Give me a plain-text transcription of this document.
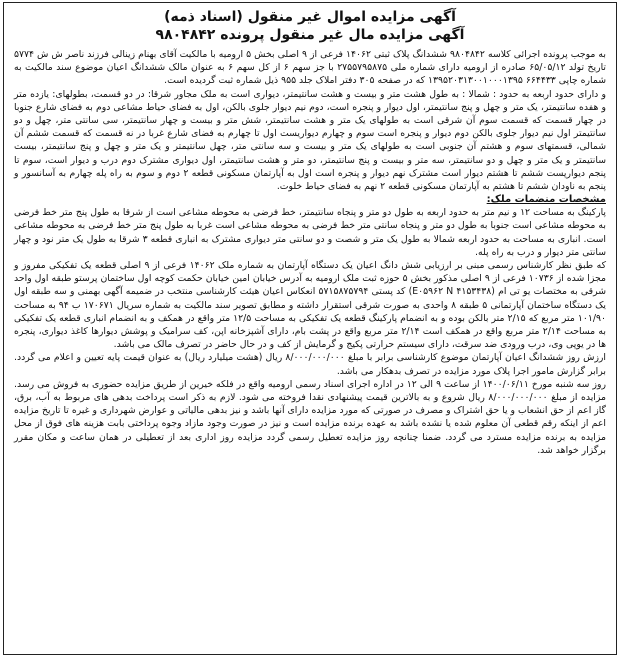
آگهی مزایده اموال غیر منقول (اسناد ذمه)
آگهی مزایده مال غیر منقول پرونده ۹۸۰۴۸۴۲

به موجب پرونده اجرائی کلاسه ۹۸۰۴۸۴۲ ششدانگ پلاک ثبتی ۱۴۰۶۲ فرعی از ۹ اصلی بخش ۵ ارومیه با مالکیت آقای بهنام زینالی فرزند ناصر ش ش ۵۷۷۴ تاریخ تولد ۶۵/۰۵/۱۲ صادره از ارومیه دارای شماره ملی ۲۷۵۵۷۹۵۸۷۵ با جز سهم ۶ از کل سهم ۶ به عنوان مالک ششدانگ اعیان موضوع سند مالکیت به شماره چاپی ۶۶۴۴۳۳ ۱۳۹۵۲۰۳۱۳۰۰۱۰۰۰۱۳۹۵ که در صفحه ۳۰۵ دفتر املاک جلد ۹۵۵ ذیل شماره ثبت گردیده است.

و دارای حدود اربعه به حدود : شمالا : به طول هشت متر و بیست و هشت سانتیمتر، دیواری است به ملک مجاور شرقا: در دو قسمت، بطولهای: یازده متر و هفده سانتیمتر، یک متر و چهل و پنج سانتیمتر، اول دیوار و پنجره است، دوم نیم دیوار جلوی بالکن، اول به فضای حیاط مشاعی دوم به فضای شارع جنوبا در چهار قسمت که قسمت سوم آن شرقی است به طولهای یک متر و هشت سانتیمتر، شش متر و بیست و چهار سانتیمتر، سی سانتی متر، چهل و دو سانتیمتر اول نیم دیوار جلوی بالکن دوم دیوار و پنجره است سوم و چهارم دیواریست اول تا چهارم به فضای شارع غربا در نه قسمت که قسمت ششم آن شمالی، قسمتهای سوم و هشتم آن جنوبی است به طولهای یک متر و بیست و سه سانتی متر، چهل سانتیمتر و یک متر و چهل و پنج سانتیمتر، بیست سانتیمتر و یک متر و چهل و دو سانتیمتر، سه متر و بیست و پنج سانتیمتر، دو متر و هشت سانتیمتر، اول دیواری مشترک دوم درب و دیوار است، سوم تا پنجم دیوارپست ششم تا هشتم دیوار است مشترک نهم دیوار و پنجره است اول به آپارتمان مسکونی قطعه ۲ دوم و سوم به راه پله چهارم به آسانسور و پنجم به ناودان ششم تا هشتم به آپارتمان مسکونی قطعه ۲ نهم به فضای حیاط خلوت.

مشخصات منضمات ملک:

پارکینگ به مساحت ۱۲ و نیم متر به حدود اربعه به طول دو متر و پنجاه سانتیمتر، خط فرضی به محوطه مشاعی است از شرقا به طول پنج متر خط فرضی به محوطه مشاعی است جنوبا به طول دو متر و پنجاه سانتی متر خط فرضی به محوطه مشاعی است غربا به طول پنج متر خط فرضی به محوطه مشاعی است. انباری به مساحت به حدود اربعه شمالا به طول یک متر و شصت و دو سانتی متر دیواری مشترک به انباری قطعه ۳ شرقا به طول یک متر نود و چهار سانتی متر دیوار و درب به راه پله.

که طبق نظر کارشناس رسمی مبنی بر ارزیابی شش دانگ اعیان یک دستگاه آپارتمان به شماره ملک ۱۴۰۶۲ فرعی از ۹ اصلی قطعه یک تفکیکی مفروز و مجزا شده از ۱۰۷۳۶ فرعی از ۹ اصلی مذکور بخش ۵ حوزه ثبت ملک ارومیه به آدرس خیابان امین خیابان حکمت کوچه اول ساختمان پرستو طبقه اول واحد شرقی به مختصات یو تی ام (E۰۵۹۶۲ N ۴۱۵۳۴۳۸) کد پستی ۵۷۱۵۸۷۵۷۹۴ انعکاس اعیان هیئت کارشناسی منتخب در ضمیمه آگهی بهمنی و سه طبقه اول یک دستگاه ساختمان آپارتمانی ۵ طبقه ۸ واحدی به صورت شرقی استقرار داشته و مطابق تصویر سند مالکیت به شماره سریال ۱۷۰۶۷۱ ب ۹۴ به مساحت ۱۰۱/۹۰ متر مربع که ۲/۱۵ متر بالکن بوده و به انضمام پارکینگ قطعه یک تفکیکی به مساحت ۱۲/۵ متر واقع در همکف و به انضمام انباری قطعه یک تفکیکی به مساحت ۲/۱۴ متر مربع واقع در همکف است ۲/۱۴ متر مربع واقع در پشت بام، دارای آشپزخانه اپن، کف سرامیک و پوشش دیوارها کاغذ دیواری، پنجره ها در یوپی وی، درب ورودی ضد سرقت، دارای سیستم حرارتی پکیج و گرمایش از کف و در حال حاضر در تصرف مالک می باشد.

ارزش روز ششدانگ اعیان آپارتمان موضوع کارشناسی برابر با مبلغ ۸/۰۰۰/۰۰۰/۰۰۰ ریال (هشت میلیارد ریال) به عنوان قیمت پایه تعیین و اعلام می گردد. برابر گزارش مامور اجرا پلاک مورد مزایده در تصرف بدهکار می باشد.

روز سه شنبه مورخ ۱۴۰۰/۰۶/۱۱ از ساعت ۹ الی ۱۲ در اداره اجرای اسناد رسمی ارومیه واقع در فلکه خیرین از طریق مزایده حضوری به فروش می رسد. مزایده از مبلغ ۸/۰۰۰/۰۰۰/۰۰۰ ریال شروع و به بالاترین قیمت پیشنهادی نقدا فروخته می شود. لازم به ذکر است پرداخت بدهی های مربوط به آب، برق، گاز اعم از حق انشعاب و یا حق اشتراک و مصرف در صورتی که مورد مزایده دارای آنها باشد و نیز بدهی مالیاتی و عوارض شهرداری و غیره تا تاریخ مزایده اعم از اینکه رقم قطعی آن معلوم شده یا نشده باشد به عهده برنده مزایده است و نیز در صورت وجود مازاد وجوه پرداختی بابت هزینه های فوق از محل مزایده به برنده مزایده مسترد می گردد. ضمنا چنانچه روز مزایده تعطیل رسمی گردد مزایده روز اداری بعد از تعطیلی در همان ساعت و مکان مقرر برگزار خواهد شد.
